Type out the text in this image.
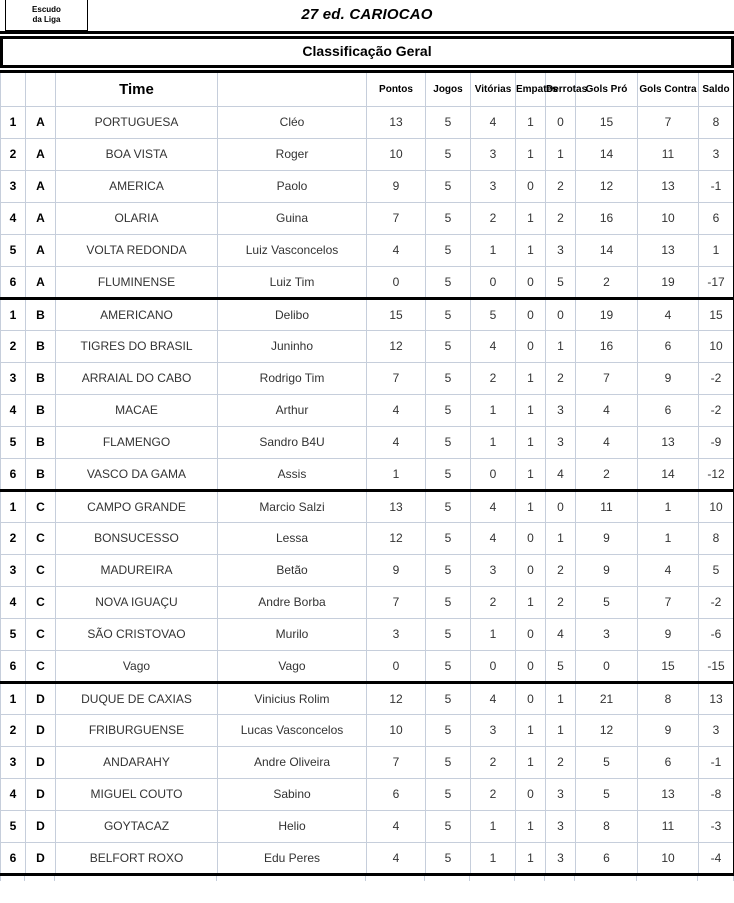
Escudo
da Liga	27 ed. CARIOCAO
Classificação Geral
		Time		Pontos	Jogos	Vitórias	Empates	Derrotas	Gols Pró	Gols Contra	Saldo
1	A	PORTUGUESA	Cléo	13	5	4	1	0	15	7	8
2	A	BOA VISTA	Roger	10	5	3	1	1	14	11	3
3	A	AMERICA	Paolo	9	5	3	0	2	12	13	-1
4	A	OLARIA	Guina	7	5	2	1	2	16	10	6
5	A	VOLTA REDONDA	Luiz Vasconcelos	4	5	1	1	3	14	13	1
6	A	FLUMINENSE	Luiz Tim	0	5	0	0	5	2	19	-17
1	B	AMERICANO	Delibo	15	5	5	0	0	19	4	15
2	B	TIGRES DO BRASIL	Juninho	12	5	4	0	1	16	6	10
3	B	ARRAIAL DO CABO	Rodrigo Tim	7	5	2	1	2	7	9	-2
4	B	MACAE	Arthur	4	5	1	1	3	4	6	-2
5	B	FLAMENGO	Sandro B4U	4	5	1	1	3	4	13	-9
6	B	VASCO DA GAMA	Assis	1	5	0	1	4	2	14	-12
1	C	CAMPO GRANDE	Marcio Salzi	13	5	4	1	0	11	1	10
2	C	BONSUCESSO	Lessa	12	5	4	0	1	9	1	8
3	C	MADUREIRA	Betão	9	5	3	0	2	9	4	5
4	C	NOVA IGUAÇU	Andre Borba	7	5	2	1	2	5	7	-2
5	C	SÃO CRISTOVAO	Murilo	3	5	1	0	4	3	9	-6
6	C	Vago	Vago	0	5	0	0	5	0	15	-15
1	D	DUQUE DE CAXIAS	Vinicius Rolim	12	5	4	0	1	21	8	13
2	D	FRIBURGUENSE	Lucas Vasconcelos	10	5	3	1	1	12	9	3
3	D	ANDARAHY	Andre Oliveira	7	5	2	1	2	5	6	-1
4	D	MIGUEL COUTO	Sabino	6	5	2	0	3	5	13	-8
5	D	GOYTACAZ	Helio	4	5	1	1	3	8	11	-3
6	D	BELFORT ROXO	Edu Peres	4	5	1	1	3	6	10	-4
